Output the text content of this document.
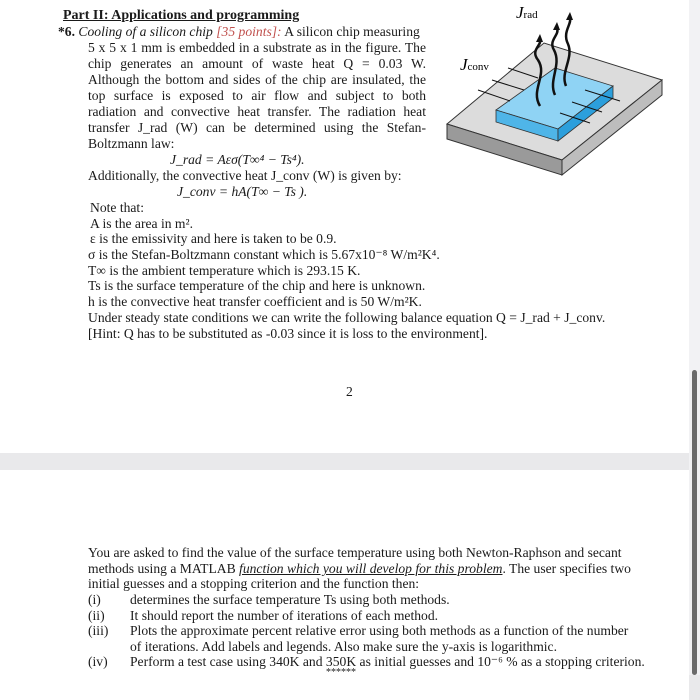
Part II: Applications and programming
*6. Cooling of a silicon chip [35 points]: A silicon chip measuring
5 x 5 x 1 mm is embedded in a substrate as in the figure. The
chip generates an amount of waste heat Q = 0.03 W.
Although the bottom and sides of the chip are insulated, the
top surface is exposed to air flow and subject to both
radiation and convective heat transfer. The radiation heat
transfer J_rad (W) can be determined using the Stefan-
Boltzmann law:
J_rad = Aεσ(T∞⁴ − Ts⁴).
Additionally, the convective heat J_conv (W) is given by:
J_conv = hA(T∞ − Ts ).
Note that:
A is the area in m².
ε is the emissivity and here is taken to be 0.9.
σ is the Stefan-Boltzmann constant which is 5.67x10⁻⁸ W/m²K⁴.
T∞ is the ambient temperature which is 293.15 K.
Ts is the surface temperature of the chip and here is unknown.
h is the convective heat transfer coefficient and is 50 W/m²K.
Under steady state conditions we can write the following balance equation Q = J_rad + J_conv.
[Hint: Q has to be substituted as -0.03 since it is loss to the environment].
2
Jrad
Jconv
You are asked to find the value of the surface temperature using both Newton-Raphson and secant
methods using a MATLAB function which you will develop for this problem. The user specifies two
initial guesses and a stopping criterion and the function then:
(i) determines the surface temperature Ts using both methods.
(ii) It should report the number of iterations of each method.
(iii) Plots the approximate percent relative error using both methods as a function of the number
of iterations. Add labels and legends. Also make sure the y-axis is logarithmic.
(iv) Perform a test case using 340K and 350K as initial guesses and 10⁻⁶ % as a stopping criterion.
******
